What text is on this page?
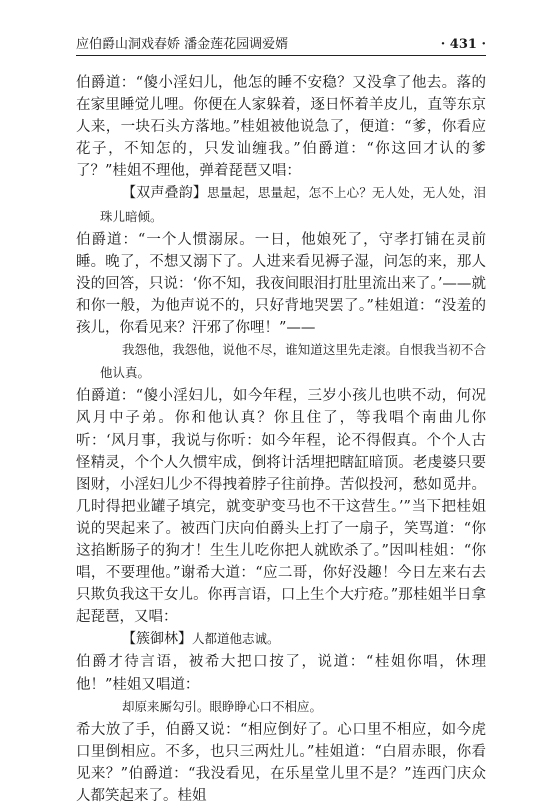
应伯爵山洞戏春娇 潘金莲花园调爱婿	· 431 ·

伯爵道：“傻小淫妇儿，他怎的睡不安稳？又没拿了他去。落的在家里睡觉儿哩。你便在人家躲着，逐日怀着羊皮儿，直等东京人来，一块石头方落地。”桂姐被他说急了，便道：“爹，你看应花子，不知怎的，只发讪缠我。”伯爵道：“你这回才认的爹了？”桂姐不理他，弹着琵琶又唱：

【双声叠韵】思量起，思量起，怎不上心？无人处，无人处，泪珠儿暗倾。

伯爵道：“一个人惯溺尿。一日，他娘死了，守孝打铺在灵前睡。晚了，不想又溺下了。人进来看见褥子湿，问怎的来，那人没的回答，只说：‘你不知，我夜间眼泪打肚里流出来了。’——就和你一般，为他声说不的，只好背地哭罢了。”桂姐道：“没羞的孩儿，你看见来？汗邪了你哩！”——

我怨他，我怨他，说他不尽，谁知道这里先走滚。自恨我当初不合他认真。

伯爵道：“傻小淫妇儿，如今年程，三岁小孩儿也哄不动，何况风月中子弟。你和他认真？你且住了，等我唱个南曲儿你听：‘风月事，我说与你听：如今年程，论不得假真。个个人古怪精灵，个个人久惯牢成，倒将计活埋把瞎缸暗顶。老虔婆只要图财，小淫妇儿少不得拽着脖子往前挣。苦似投河，愁如觅井。几时得把业罐子填完，就变驴变马也不干这营生。’”当下把桂姐说的哭起来了。被西门庆向伯爵头上打了一扇子，笑骂道：“你这掐断肠子的狗才！生生儿吃你把人就欧杀了。”因叫桂姐：“你唱，不要理他。”谢希大道：“应二哥，你好没趣！今日左来右去只欺负我这干女儿。你再言语，口上生个大疔疮。”那桂姐半日拿起琵琶，又唱：

【簇御林】人都道他志诚。

伯爵才待言语，被希大把口按了，说道：“桂姐你唱，休理他！”桂姐又唱道：

却原来厮勾引。眼睁睁心口不相应。

希大放了手，伯爵又说：“相应倒好了。心口里不相应，如今虎口里倒相应。不多，也只三两灶儿。”桂姐道：“白眉赤眼，你看见来？”伯爵道：“我没看见，在乐星堂儿里不是？”连西门庆众人都笑起来了。桂姐
